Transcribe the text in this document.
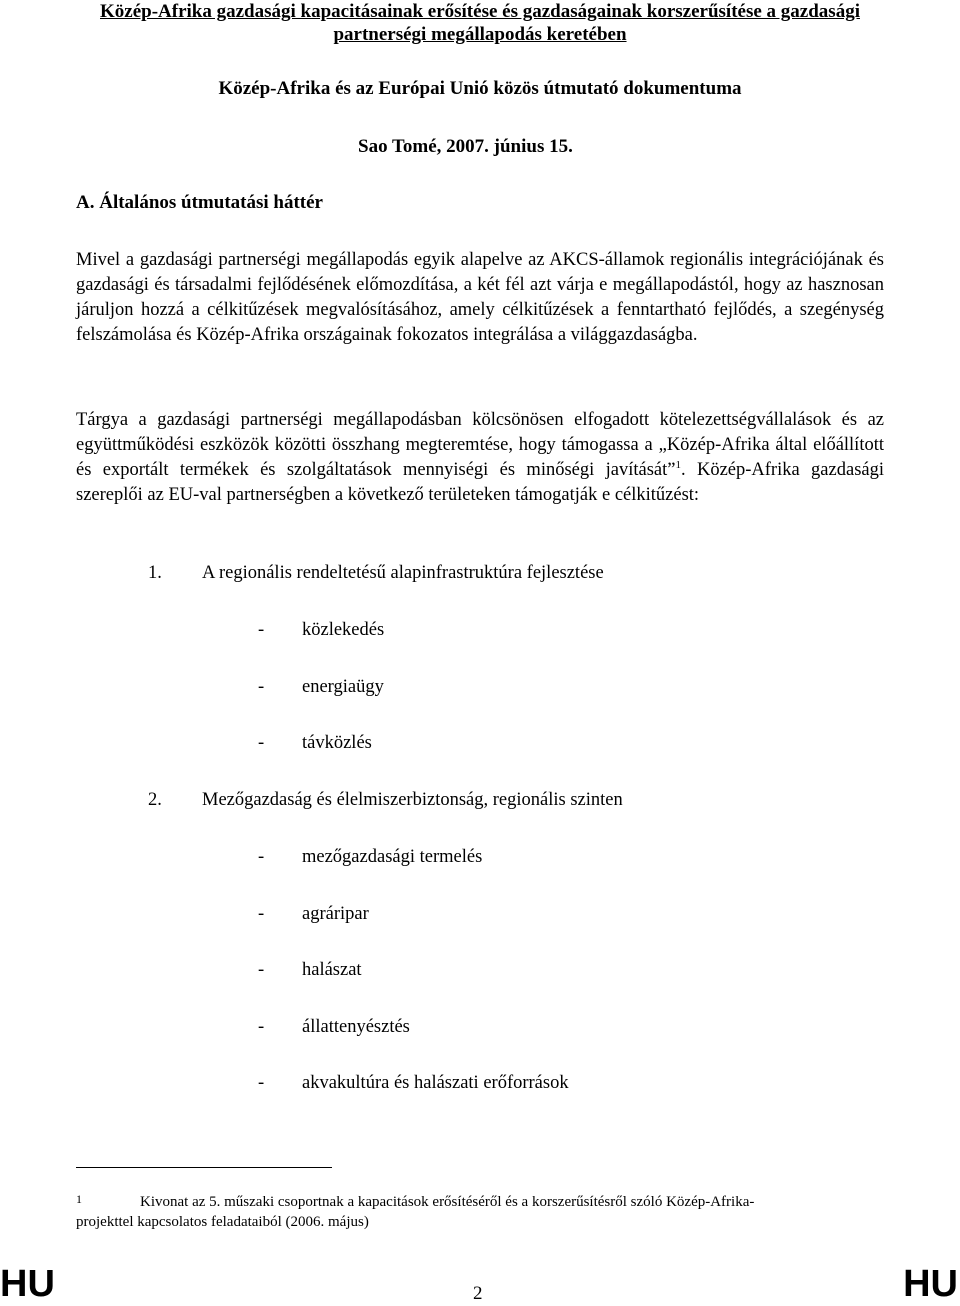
Közép-Afrika gazdasági kapacitásainak erősítése és gazdaságainak korszerűsítése a gazdasági partnerségi megállapodás keretében
Közép-Afrika és az Európai Unió közös útmutató dokumentuma
Sao Tomé, 2007. június 15.
A. Általános útmutatási háttér
Mivel a gazdasági partnerségi megállapodás egyik alapelve az AKCS-államok regionális integrációjának és gazdasági és társadalmi fejlődésének előmozdítása, a két fél azt várja e megállapodástól, hogy az hasznosan járuljon hozzá a célkitűzések megvalósításához, amely célkitűzések a fenntartható fejlődés, a szegénység felszámolása és Közép-Afrika országainak fokozatos integrálása a világgazdaságba.
Tárgya a gazdasági partnerségi megállapodásban kölcsönösen elfogadott kötelezettségvállalások és az együttműködési eszközök közötti összhang megteremtése, hogy támogassa a „Közép-Afrika által előállított és exportált termékek és szolgáltatások mennyiségi és minőségi javítását”$^1$. Közép-Afrika gazdasági szereplői az EU-val partnerségben a következő területeken támogatják e célkitűzést:
1. A regionális rendeltetésű alapinfrastruktúra fejlesztése
- közlekedés
- energiaügy
- távközlés
2. Mezőgazdaság és élelmiszerbiztonság, regionális szinten
- mezőgazdasági termelés
- agráripar
- halászat
- állattenyésztés
- akvakultúra és halászati erőforrások
1	Kivonat az 5. műszaki csoportnak a kapacitások erősítéséről és a korszerűsítésről szóló Közép-Afrika-
projekttel kapcsolatos feladataiból (2006. május)
HU	2	HU
